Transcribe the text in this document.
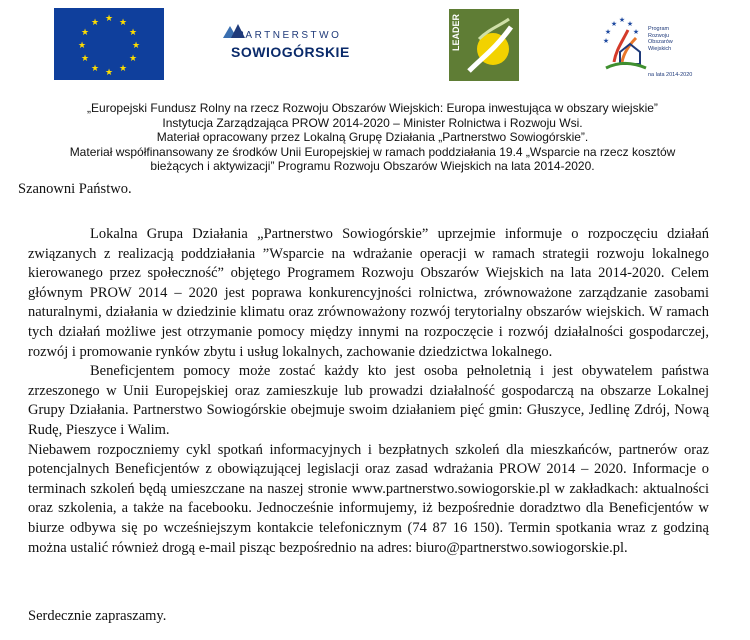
★ ★
★
★
★
★
★
★
★
★
★
★
PARTNERSTWO
SOWIOGÓRSKIE
LEADER	★ ★
★
★	★
★
Program
Rozwoju
Obszarów
Wiejskich
na lata 2014-2020
„Europejski Fundusz Rolny na rzecz Rozwoju Obszarów Wiejskich: Europa inwestująca w obszary wiejskie”
Instytucja Zarządzająca PROW 2014-2020 – Minister Rolnictwa i Rozwoju Wsi.
Materiał opracowany przez Lokalną Grupę Działania „Partnerstwo Sowiogórskie”.
Materiał współfinansowany ze środków Unii Europejskiej w ramach poddziałania 19.4 „Wsparcie na rzecz kosztów
bieżących i aktywizacji” Programu Rozwoju Obszarów Wiejskich na lata 2014-2020.
Szanowni Państwo.

Lokalna Grupa Działania „Partnerstwo Sowiogórskie” uprzejmie informuje o rozpoczęciu działań związanych z realizacją poddziałania ”Wsparcie na wdrażanie operacji w ramach strategii rozwoju lokalnego kierowanego przez społeczność” objętego Programem Rozwoju Obszarów Wiejskich na lata 2014-2020. Celem głównym PROW 2014 – 2020 jest poprawa konkurencyjności rolnictwa, zrównoważone zarządzanie zasobami naturalnymi, działania w dziedzinie klimatu oraz zrównoważony rozwój terytorialny obszarów wiejskich. W ramach tych działań możliwe jest otrzymanie pomocy między innymi na rozpoczęcie i rozwój działalności gospodarczej, rozwój i promowanie rynków zbytu i usług lokalnych, zachowanie dziedzictwa lokalnego.

Beneficjentem pomocy może zostać każdy kto jest osoba pełnoletnią i jest obywatelem państwa zrzeszonego w Unii Europejskiej oraz zamieszkuje lub prowadzi działalność gospodarczą na obszarze Lokalnej Grupy Działania. Partnerstwo Sowiogórskie obejmuje swoim działaniem pięć gmin: Głuszyce, Jedlinę Zdrój, Nową Rudę, Pieszyce i Walim.

Niebawem rozpoczniemy cykl spotkań informacyjnych i bezpłatnych szkoleń dla mieszkańców, partnerów oraz potencjalnych Beneficjentów z obowiązującej legislacji oraz zasad wdrażania PROW 2014 – 2020. Informacje o terminach szkoleń będą umieszczane na naszej stronie www.partnerstwo.sowiogorskie.pl w zakładkach: aktualności oraz szkolenia, a także na facebooku. Jednocześnie informujemy, iż bezpośrednie doradztwo dla Beneficjentów w biurze odbywa się po wcześniejszym kontakcie telefonicznym (74 87 16 150). Termin spotkania wraz z godziną można ustalić również drogą e-mail pisząc bezpośrednio na adres: biuro@partnerstwo.sowiogorskie.pl.

Serdecznie zapraszamy.
